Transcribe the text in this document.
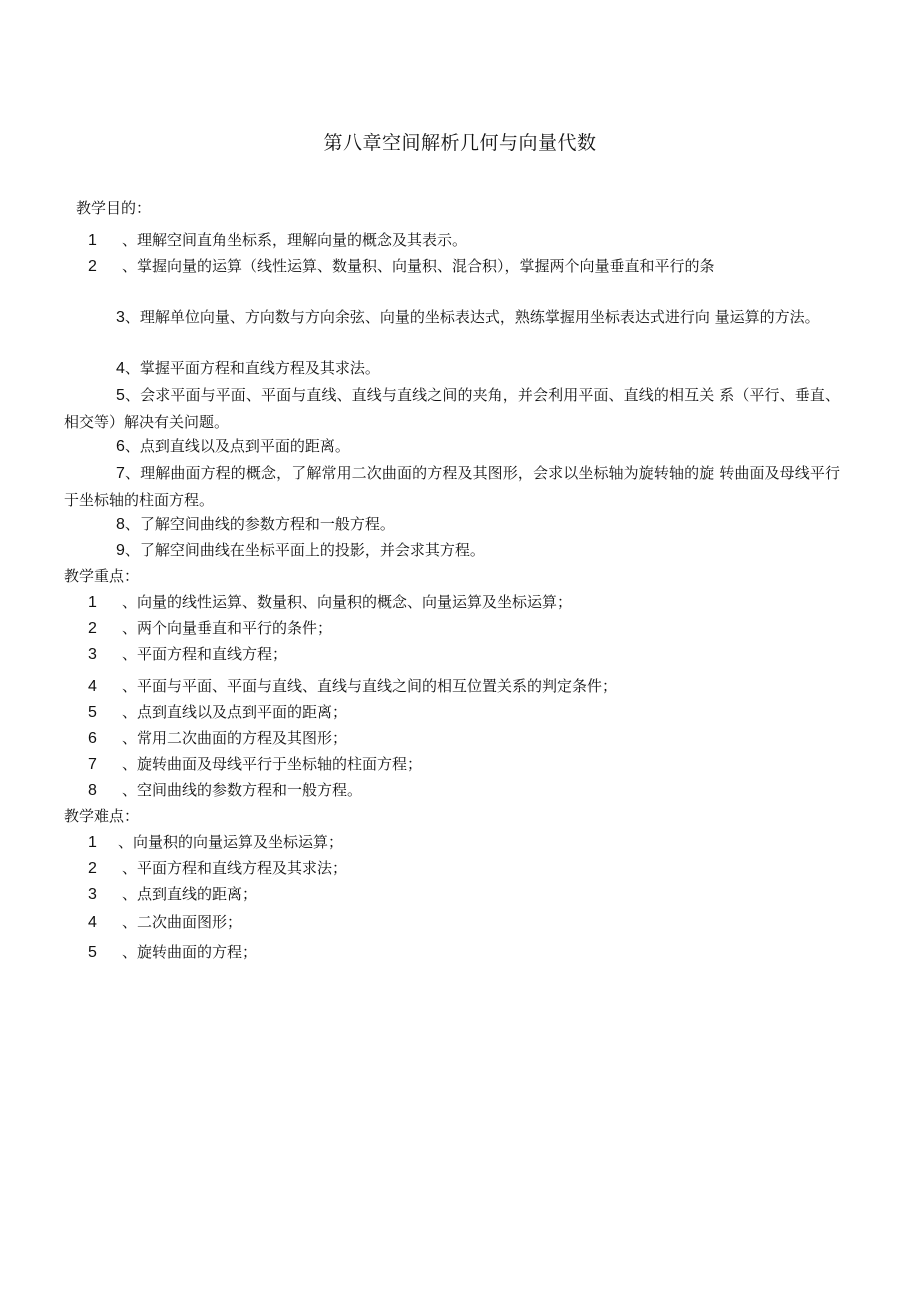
第八章空间解析几何与向量代数
教学目的：
1 、理解空间直角坐标系，理解向量的概念及其表示。
2 、掌握向量的运算（线性运算、数量积、向量积、混合积），掌握两个向量垂直和平行的条
3、理解单位向量、方向数与方向余弦、向量的坐标表达式，熟练掌握用坐标表达式进行向 量运算的方法。
4、掌握平面方程和直线方程及其求法。
5、会求平面与平面、平面与直线、直线与直线之间的夹角，并会利用平面、直线的相互关 系（平行、垂直、相交等）解决有关问题。
6、点到直线以及点到平面的距离。
7、理解曲面方程的概念，了解常用二次曲面的方程及其图形，会求以坐标轴为旋转轴的旋 转曲面及母线平行于坐标轴的柱面方程。
8、了解空间曲线的参数方程和一般方程。
9、了解空间曲线在坐标平面上的投影，并会求其方程。
教学重点：
1 、向量的线性运算、数量积、向量积的概念、向量运算及坐标运算；
2 、两个向量垂直和平行的条件；
3 、平面方程和直线方程；
4 、平面与平面、平面与直线、直线与直线之间的相互位置关系的判定条件；
5 、点到直线以及点到平面的距离；
6 、常用二次曲面的方程及其图形；
7 、旋转曲面及母线平行于坐标轴的柱面方程；
8 、空间曲线的参数方程和一般方程。
教学难点：
1 、向量积的向量运算及坐标运算；
2 、平面方程和直线方程及其求法；
3 、点到直线的距离；
4 、二次曲面图形；
5 、旋转曲面的方程；
